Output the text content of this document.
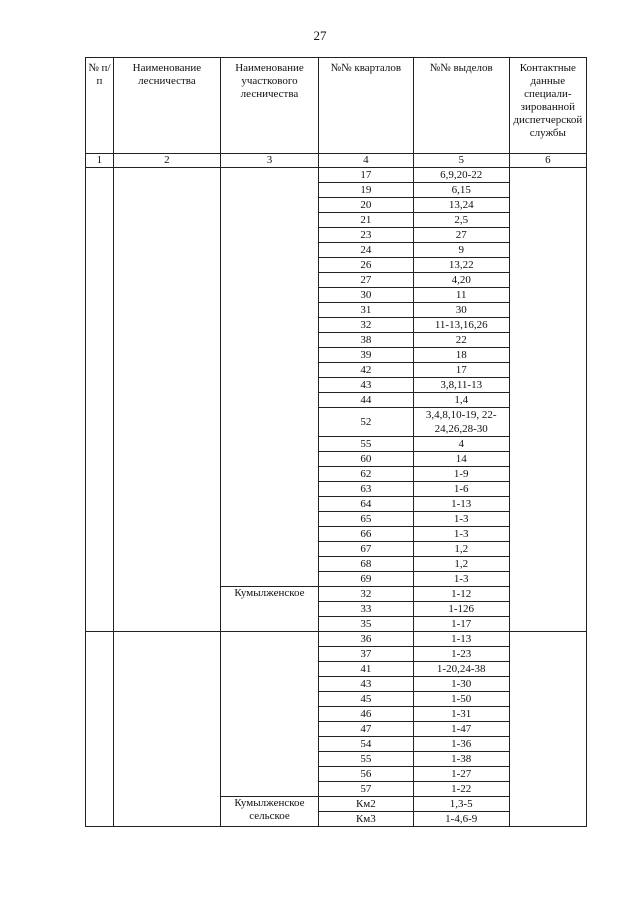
27
№ п/п	Наименование лесничества	Наименование участкового лесничества	№№ кварталов	№№ выделов	Контактные данные специали-зированной диспетчерской службы
1	2	3	4	5	6
			17	6,9,20-22	
			19	6,15	
			20	13,24	
			21	2,5	
			23	27	
			24	9	
			26	13,22	
			27	4,20	
			30	11	
			31	30	
			32	11-13,16,26	
			38	22	
			39	18	
			42	17	
			43	3,8,11-13	
			44	1,4	
			52	3,4,8,10-19, 22-24,26,28-30	
			55	4	
			60	14	
			62	1-9	
			63	1-6	
			64	1-13	
			65	1-3	
			66	1-3	
			67	1,2	
			68	1,2	
			69	1-3	
		Кумылженское	32	1-12	
			33	1-126	
			35	1-17	
			36	1-13	
			37	1-23	
			41	1-20,24-38	
			43	1-30	
			45	1-50	
			46	1-31	
			47	1-47	
			54	1-36	
			55	1-38	
			56	1-27	
			57	1-22	
		Кумылженское сельское	Км2	1,3-5	
			Км3	1-4,6-9	
